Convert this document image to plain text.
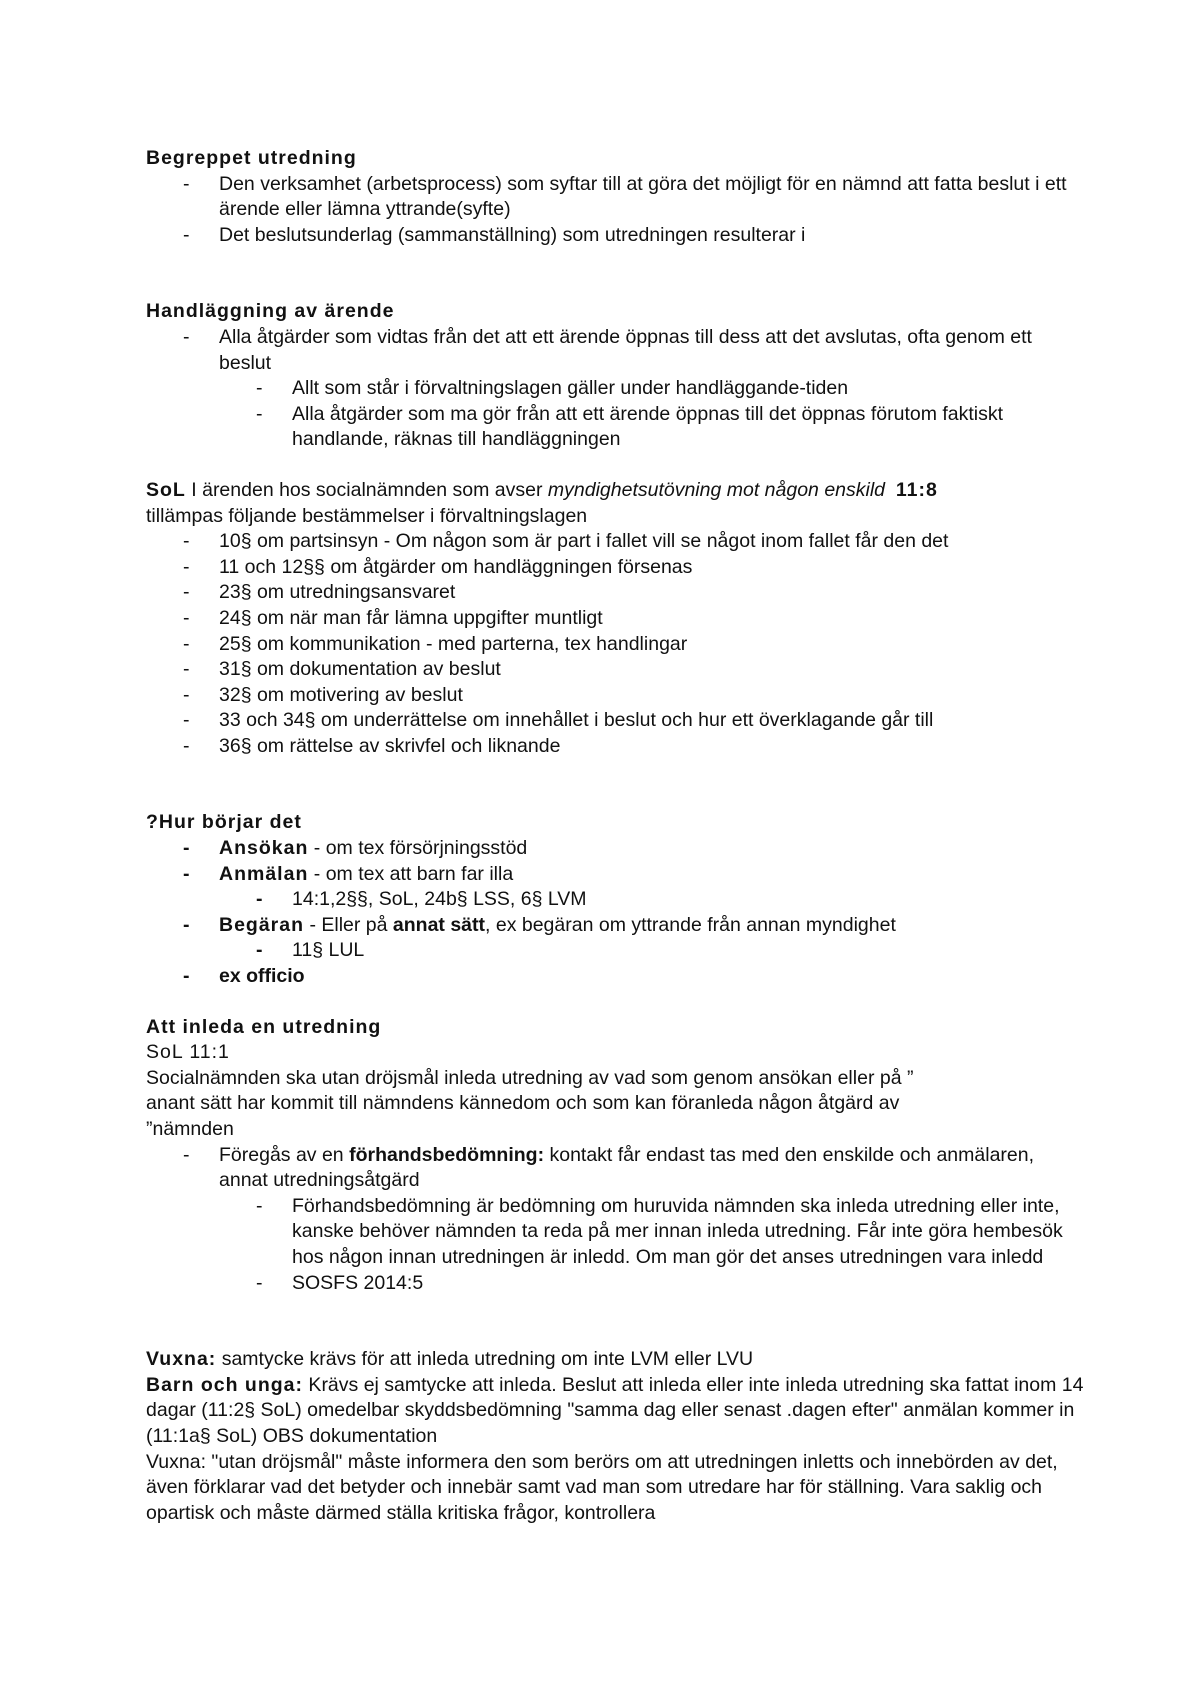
Begreppet utredning
- Den verksamhet (arbetsprocess) som syftar till at göra det möjligt för en nämnd att fatta beslut i ett ärende eller lämna yttrande(syfte)
- Det beslutsunderlag (sammanställning) som utredningen resulterar i
Handläggning av ärende
- Alla åtgärder som vidtas från det att ett ärende öppnas till dess att det avslutas, ofta genom ett beslut
- Allt som står i förvaltningslagen gäller under handläggande-tiden
- Alla åtgärder som ma gör från att ett ärende öppnas till det öppnas förutom faktiskt handlande, räknas till handläggningen
SoL I ärenden hos socialnämnden som avser myndighetsutövning mot någon enskild 11:8
tillämpas följande bestämmelser i förvaltningslagen
- 10§ om partsinsyn - Om någon som är part i fallet vill se något inom fallet får den det
- 11 och 12§§ om åtgärder om handläggningen försenas
- 23§ om utredningsansvaret
- 24§ om när man får lämna uppgifter muntligt
- 25§ om kommunikation - med parterna, tex handlingar
- 31§ om dokumentation av beslut
- 32§ om motivering av beslut
- 33 och 34§ om underrättelse om innehållet i beslut och hur ett överklagande går till
- 36§ om rättelse av skrivfel och liknande
?Hur börjar det
- Ansökan - om tex försörjningsstöd
- Anmälan - om tex att barn far illa
- 14:1,2§§, SoL, 24b§ LSS, 6§ LVM
- Begäran - Eller på annat sätt, ex begäran om yttrande från annan myndighet
- 11§ LUL
- ex officio
Att inleda en utredning
SoL 11:1
Socialnämnden ska utan dröjsmål inleda utredning av vad som genom ansökan eller på ”
anant sätt har kommit till nämndens kännedom och som kan föranleda någon åtgärd av
”nämnden
- Föregås av en förhandsbedömning: kontakt får endast tas med den enskilde och anmälaren, annat utredningsåtgärd
- Förhandsbedömning är bedömning om huruvida nämnden ska inleda utredning eller inte, kanske behöver nämnden ta reda på mer innan inleda utredning. Får inte göra hembesök hos någon innan utredningen är inledd. Om man gör det anses utredningen vara inledd
- SOSFS 2014:5
Vuxna: samtycke krävs för att inleda utredning om inte LVM eller LVU
Barn och unga: Krävs ej samtycke att inleda. Beslut att inleda eller inte inleda utredning ska fattat inom 14 dagar (11:2§ SoL) omedelbar skyddsbedömning "samma dag eller senast .dagen efter" anmälan kommer in (11:1a§ SoL) OBS dokumentation
Vuxna: "utan dröjsmål" måste informera den som berörs om att utredningen inletts och innebörden av det, även förklarar vad det betyder och innebär samt vad man som utredare har för ställning. Vara saklig och opartisk och måste därmed ställa kritiska frågor, kontrollera
